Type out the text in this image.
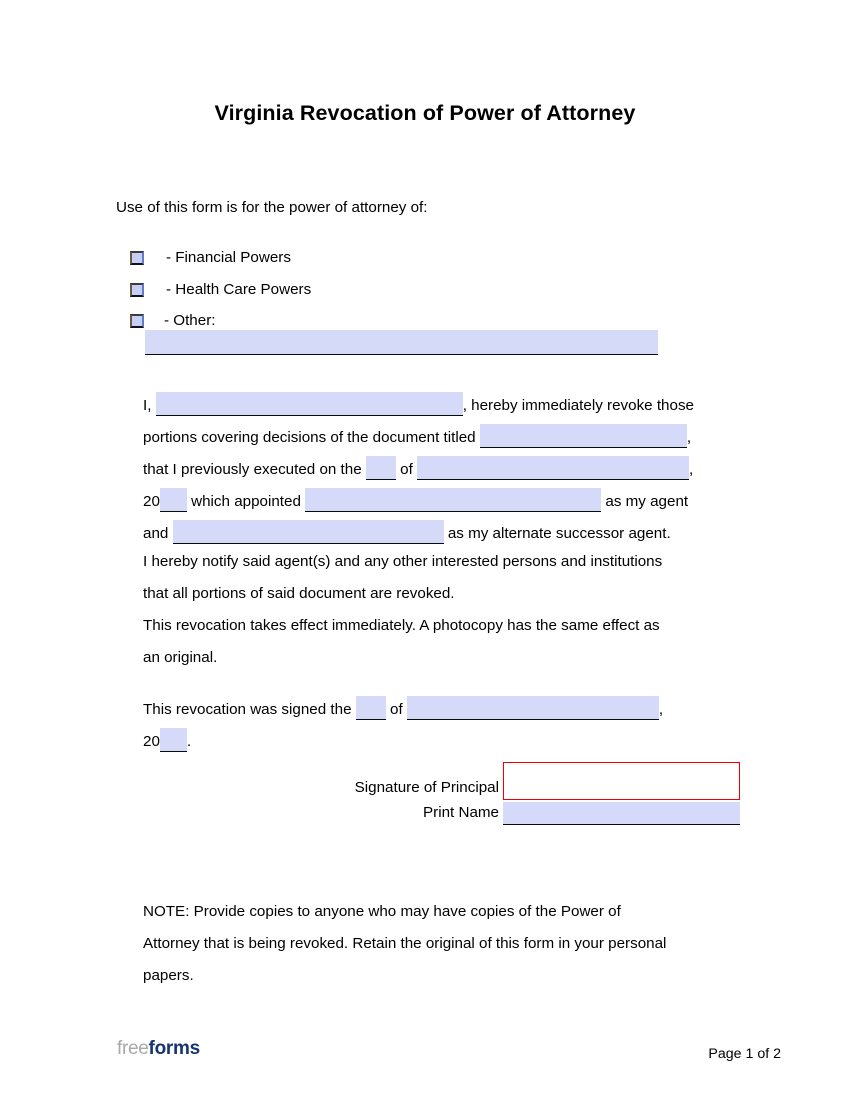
Virginia Revocation of Power of Attorney
Use of this form is for the power of attorney of:
- Financial Powers
- Health Care Powers
- Other:
I,	, hereby immediately revoke those
portions covering decisions of the document titled	,
that I previously executed on the	of	,
20 which appointed	as my agent
and	as my alternate successor agent.
I hereby notify said agent(s) and any other interested persons and institutions
that all portions of said document are revoked.
This revocation takes effect immediately. A photocopy has the same effect as
an original.
This revocation was signed the	of	,
20 .
Signature of Principal
Print Name
NOTE: Provide copies to anyone who may have copies of the Power of
Attorney that is being revoked. Retain the original of this form in your personal
papers.
freeforms	Page 1 of 2
